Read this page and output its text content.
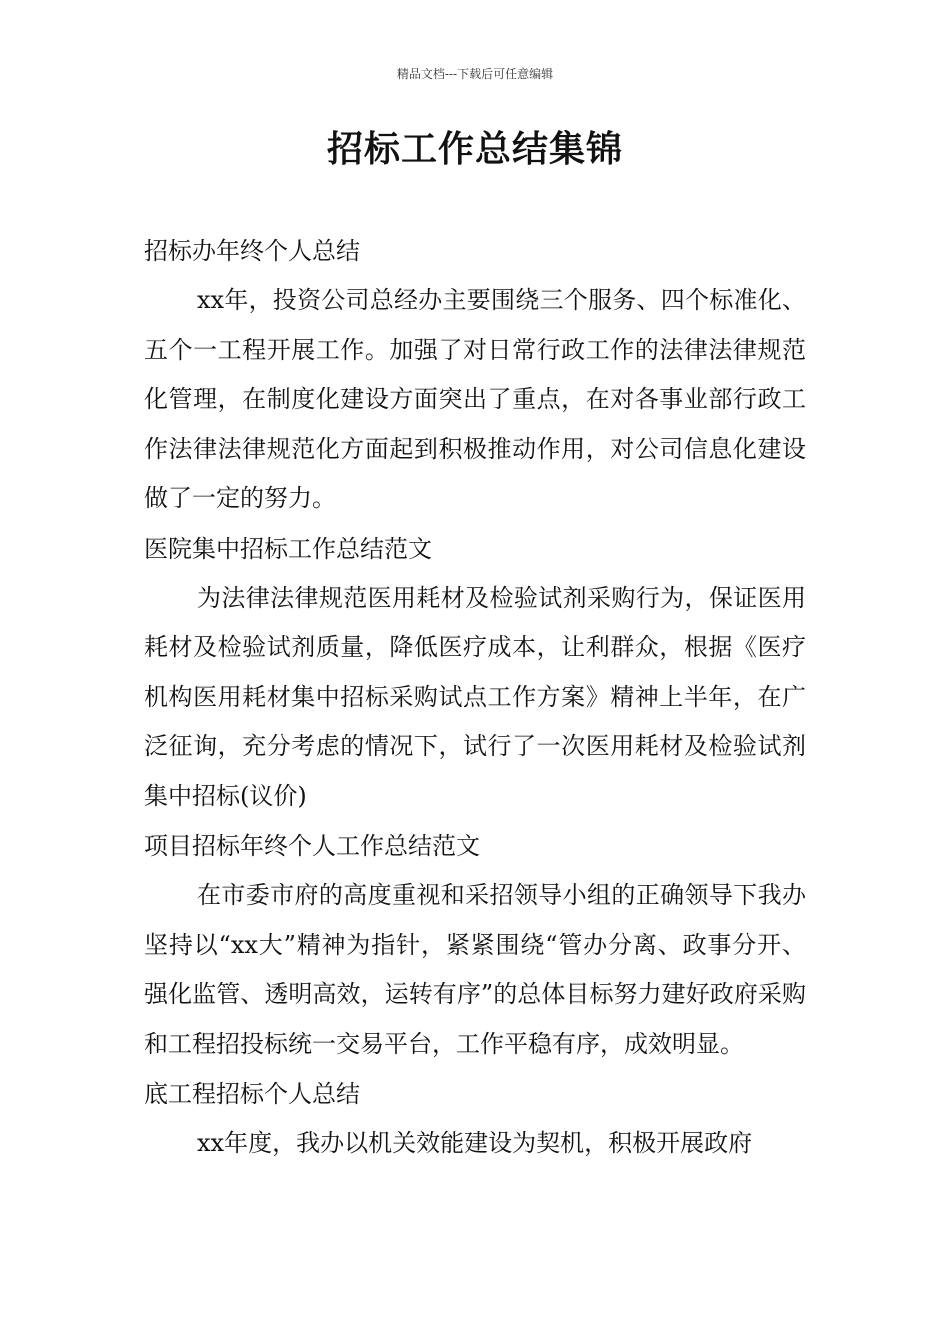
精品文档---下载后可任意编辑
招标工作总结集锦
招标办年终个人总结

xx年，投资公司总经办主要围绕三个服务、四个标准化、五个一工程开展工作。加强了对日常行政工作的法律法律规范化管理，在制度化建设方面突出了重点，在对各事业部行政工作法律法律规范化方面起到积极推动作用，对公司信息化建设做了一定的努力。

医院集中招标工作总结范文

为法律法律规范医用耗材及检验试剂采购行为，保证医用耗材及检验试剂质量，降低医疗成本，让利群众，根据《医疗机构医用耗材集中招标采购试点工作方案》精神上半年，在广泛征询，充分考虑的情况下，试行了一次医用耗材及检验试剂集中招标(议价)

项目招标年终个人工作总结范文

在市委市府的高度重视和采招领导小组的正确领导下我办坚持以“xx大”精神为指针，紧紧围绕“管办分离、政事分开、强化监管、透明高效，运转有序”的总体目标努力建好政府采购和工程招投标统一交易平台，工作平稳有序，成效明显。

底工程招标个人总结

xx年度，我办以机关效能建设为契机，积极开展政府
